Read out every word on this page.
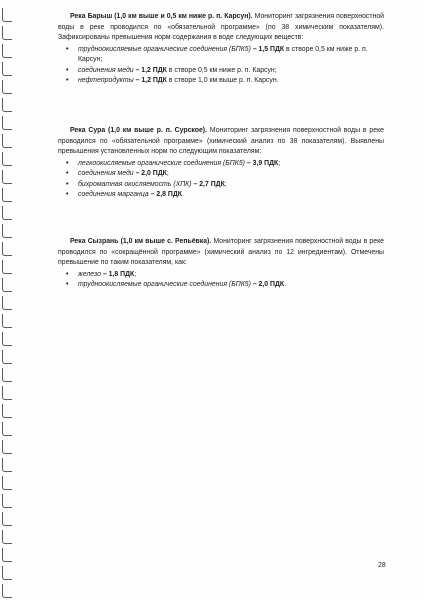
Река Барыш (1,0 км выше и 0,5 км ниже р. п. Карсун). Мониторинг загрязнения поверхностной воды в реке проводился по «обязательной программе» (по 38 химическим показателям). Зафиксированы превышения норм содержания в воде следующих веществ:

• трудноокисляемые органические соединения (БПК5) – 1,5 ПДК в створе 0,5 км ниже р. п. Карсун;
• соединения меди – 1,2 ПДК в створе 0,5 км ниже р. п. Карсун;
• нефтепродукты – 1,2 ПДК в створе 1,0 км выше р. п. Карсун.

Река Сура (1,0 км выше р. п. Сурское). Мониторинг загрязнения поверхностной воды в реке проводился по «обязательной программе» (химический анализ по 38 показателям). Выявлены превышения установленных норм по следующим показателям:

• легкоокисляемые органические соединения (БПК5) – 3,9 ПДК;
• соединения меди – 2,0 ПДК;
• бихроматная окисляемость (ХПК) – 2,7 ПДК;
• соединения марганца – 2,8 ПДК.

Река Сызрань (1,0 км выше с. Репьёвка). Мониторинг загрязнения поверхностной воды в реке проводился по «сокращённой программе» (химический анализ по 12 ингредиентам). Отмечены превышение по таким показателям, как:

• железо – 1,8 ПДК;
• трудноокисляемые органические соединения (БПК5) – 2,0 ПДК.
28
